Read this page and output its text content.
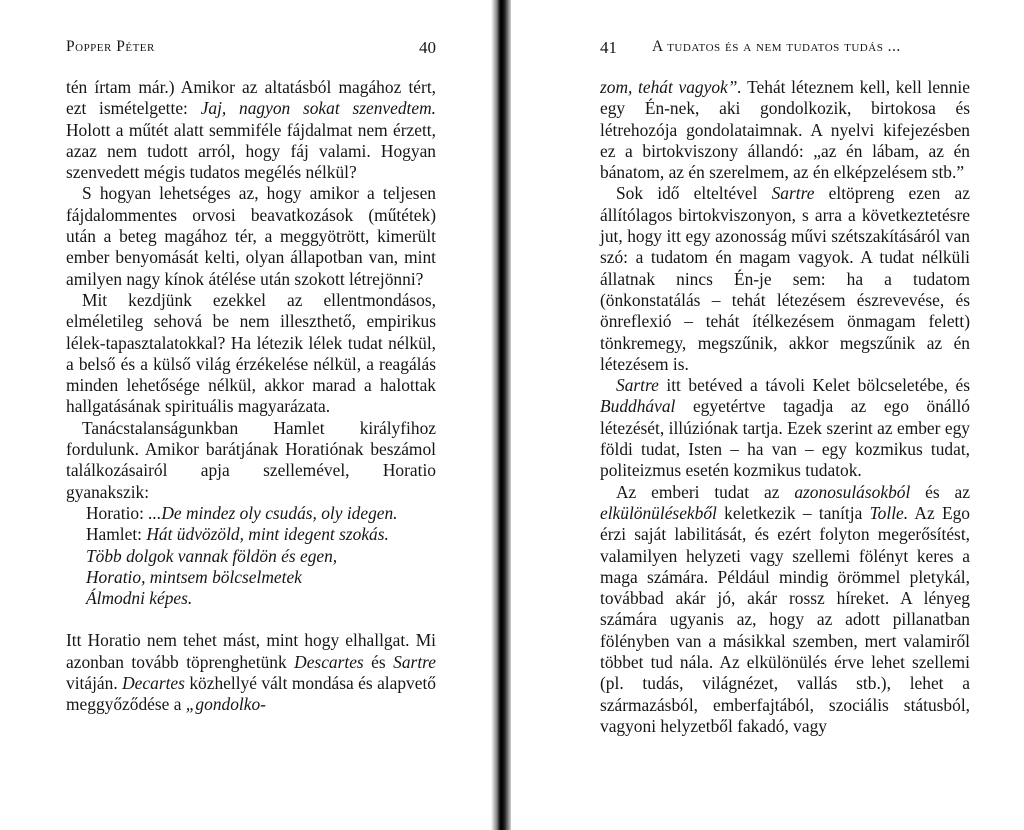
Popper Péter	40

tén írtam már.) Amikor az altatásból magához tért, ezt ismételgette: Jaj, nagyon sokat szenvedtem. Holott a műtét alatt semmiféle fájdalmat nem érzett, azaz nem tudott arról, hogy fáj valami. Hogyan szenvedett mégis tudatos megélés nélkül?

S hogyan lehetséges az, hogy amikor a teljesen fájdalommentes orvosi beavatkozások (műtétek) után a beteg magához tér, a meggyötrött, kimerült ember benyomását kelti, olyan állapotban van, mint amilyen nagy kínok átélése után szokott létrejönni?

Mit kezdjünk ezekkel az ellentmondásos, elméletileg sehová be nem illeszthető, empirikus lélek-tapasztalatokkal? Ha létezik lélek tudat nélkül, a belső és a külső világ érzékelése nélkül, a reagálás minden lehetősége nélkül, akkor marad a halottak hallgatásának spirituális magyarázata.

Tanácstalanságunkban Hamlet királyfihoz fordulunk. Amikor barátjának Horatiónak beszámol találkozásairól apja szellemével, Horatio gyanakszik:

Horatio: ...De mindez oly csudás, oly idegen.
Hamlet: Hát üdvözöld, mint idegent szokás.
Több dolgok vannak földön és egen,
Horatio, mintsem bölcselmetek
Álmodni képes.

Itt Horatio nem tehet mást, mint hogy elhallgat. Mi azonban tovább töprenghetünk Descartes és Sartre vitáján. Decartes közhellyé vált mondása és alapvető meggyőződése a „gondolko-

41 A tudatos és a nem tudatos tudás ...

zom, tehát vagyok”. Tehát léteznem kell, kell lennie egy Én-nek, aki gondolkozik, birtokosa és létrehozója gondolataimnak. A nyelvi kifejezésben ez a birtokviszony állandó: „az én lábam, az én bánatom, az én szerelmem, az én elképzelésem stb.”

Sok idő elteltével Sartre eltöpreng ezen az állítólagos birtokviszonyon, s arra a következtetésre jut, hogy itt egy azonosság művi szétszakításáról van szó: a tudatom én magam vagyok. A tudat nélküli állatnak nincs Én-je sem: ha a tudatom (önkonstatálás – tehát létezésem észrevevése, és önreflexió – tehát ítélkezésem önmagam felett) tönkremegy, megszűnik, akkor megszűnik az én létezésem is.

Sartre itt betéved a távoli Kelet bölcseletébe, és Buddhával egyetértve tagadja az ego önálló létezését, illúziónak tartja. Ezek szerint az ember egy földi tudat, Isten – ha van – egy kozmikus tudat, politeizmus esetén kozmikus tudatok.

Az emberi tudat az azonosulásokból és az elkülönülésekből keletkezik – tanítja Tolle. Az Ego érzi saját labilitását, és ezért folyton megerősítést, valamilyen helyzeti vagy szellemi fölényt keres a maga számára. Például mindig örömmel pletykál, továbbad akár jó, akár rossz híreket. A lényeg számára ugyanis az, hogy az adott pillanatban fölényben van a másikkal szemben, mert valamiről többet tud nála. Az elkülönülés érve lehet szellemi (pl. tudás, világnézet, vallás stb.), lehet a származásból, emberfajtából, szociális státusból, vagyoni helyzetből fakadó, vagy
